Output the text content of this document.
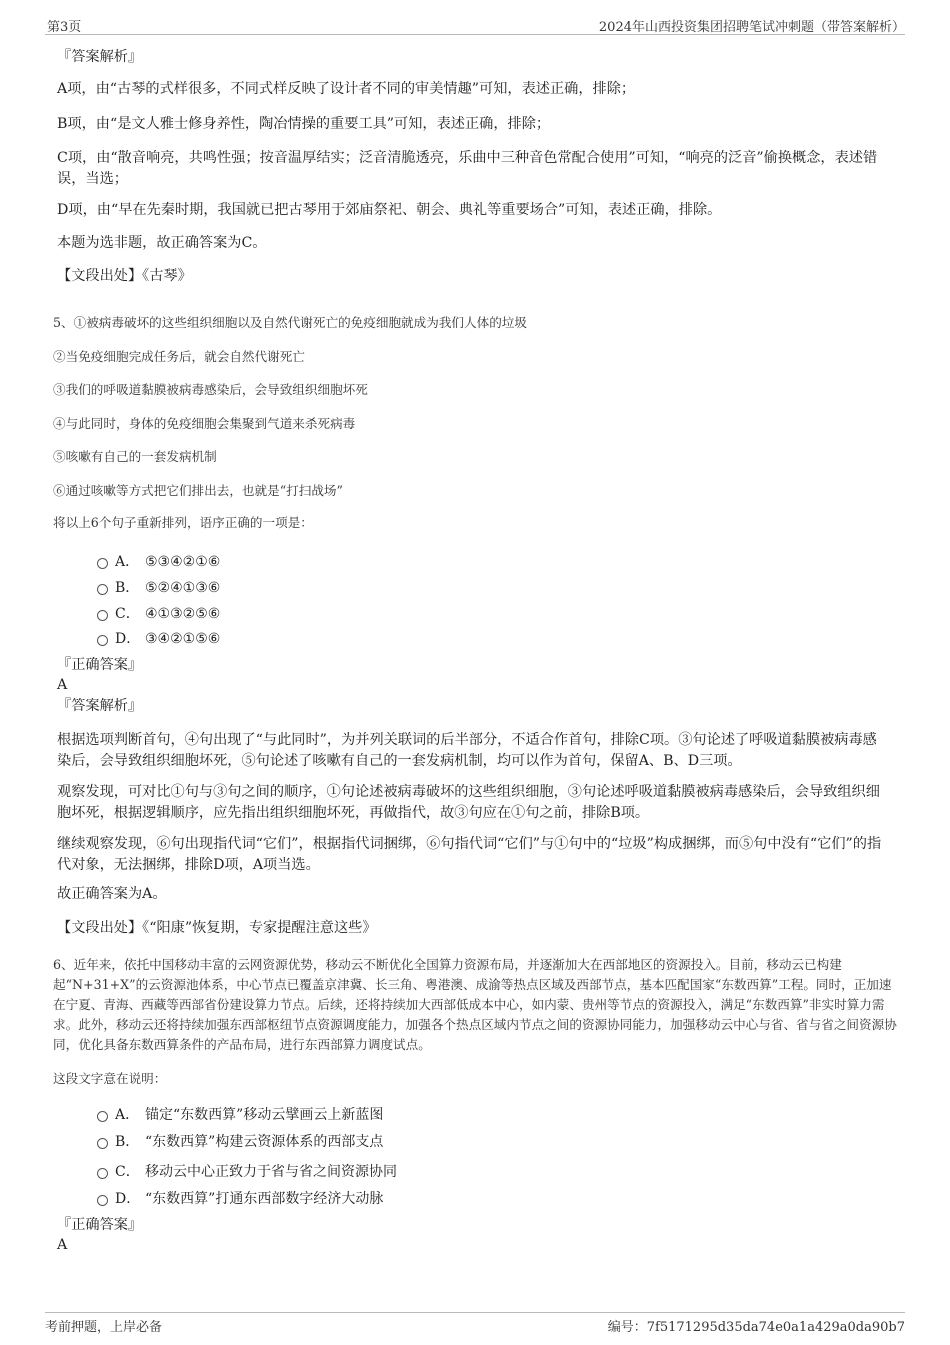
第3页	2024年山西投资集团招聘笔试冲刺题（带答案解析）
『答案解析』
A项，由“古琴的式样很多，不同式样反映了设计者不同的审美情趣”可知，表述正确，排除；
B项，由“是文人雅士修身养性，陶冶情操的重要工具”可知，表述正确，排除；
C项，由“散音响亮，共鸣性强；按音温厚结实；泛音清脆透亮，乐曲中三种音色常配合使用”可知，“响亮的泛音”偷换概念，表述错误，当选；
D项，由“早在先秦时期，我国就已把古琴用于郊庙祭祀、朝会、典礼等重要场合”可知，表述正确，排除。
本题为选非题，故正确答案为C。
【文段出处】《古琴》
5、①被病毒破坏的这些组织细胞以及自然代谢死亡的免疫细胞就成为我们人体的垃圾
②当免疫细胞完成任务后，就会自然代谢死亡
③我们的呼吸道黏膜被病毒感染后，会导致组织细胞坏死
④与此同时，身体的免疫细胞会集聚到气道来杀死病毒
⑤咳嗽有自己的一套发病机制
⑥通过咳嗽等方式把它们排出去，也就是“打扫战场”
将以上6个句子重新排列，语序正确的一项是：
A． ⑤③④②①⑥
B． ⑤②④①③⑥
C． ④①③②⑤⑥
D． ③④②①⑤⑥
『正确答案』
A
『答案解析』
根据选项判断首句，④句出现了“与此同时”，为并列关联词的后半部分，不适合作首句，排除C项。③句论述了呼吸道黏膜被病毒感染后，会导致组织细胞坏死，⑤句论述了咳嗽有自己的一套发病机制，均可以作为首句，保留A、B、D三项。
观察发现，可对比①句与③句之间的顺序，①句论述被病毒破坏的这些组织细胞，③句论述呼吸道黏膜被病毒感染后，会导致组织细胞坏死，根据逻辑顺序，应先指出组织细胞坏死，再做指代，故③句应在①句之前，排除B项。
继续观察发现，⑥句出现指代词“它们”，根据指代词捆绑，⑥句指代词“它们”与①句中的“垃圾”构成捆绑，而⑤句中没有“它们”的指代对象，无法捆绑，排除D项，A项当选。
故正确答案为A。
【文段出处】《“阳康”恢复期，专家提醒注意这些》
6、近年来，依托中国移动丰富的云网资源优势，移动云不断优化全国算力资源布局，并逐渐加大在西部地区的资源投入。目前，移动云已构建起“N+31+X”的云资源池体系，中心节点已覆盖京津冀、长三角、粤港澳、成渝等热点区域及西部节点，基本匹配国家“东数西算”工程。同时，正加速在宁夏、青海、西藏等西部省份建设算力节点。后续，还将持续加大西部低成本中心，如内蒙、贵州等节点的资源投入，满足“东数西算”非实时算力需求。此外，移动云还将持续加强东西部枢纽节点资源调度能力，加强各个热点区域内节点之间的资源协同能力，加强移动云中心与省、省与省之间资源协同，优化具备东数西算条件的产品布局，进行东西部算力调度试点。
这段文字意在说明：
A． 锚定“东数西算”移动云擘画云上新蓝图
B． “东数西算”构建云资源体系的西部支点
C． 移动云中心正致力于省与省之间资源协同
D． “东数西算”打通东西部数字经济大动脉
『正确答案』
A
考前押题，上岸必备	编号：7f5171295d35da74e0a1a429a0da90b7
